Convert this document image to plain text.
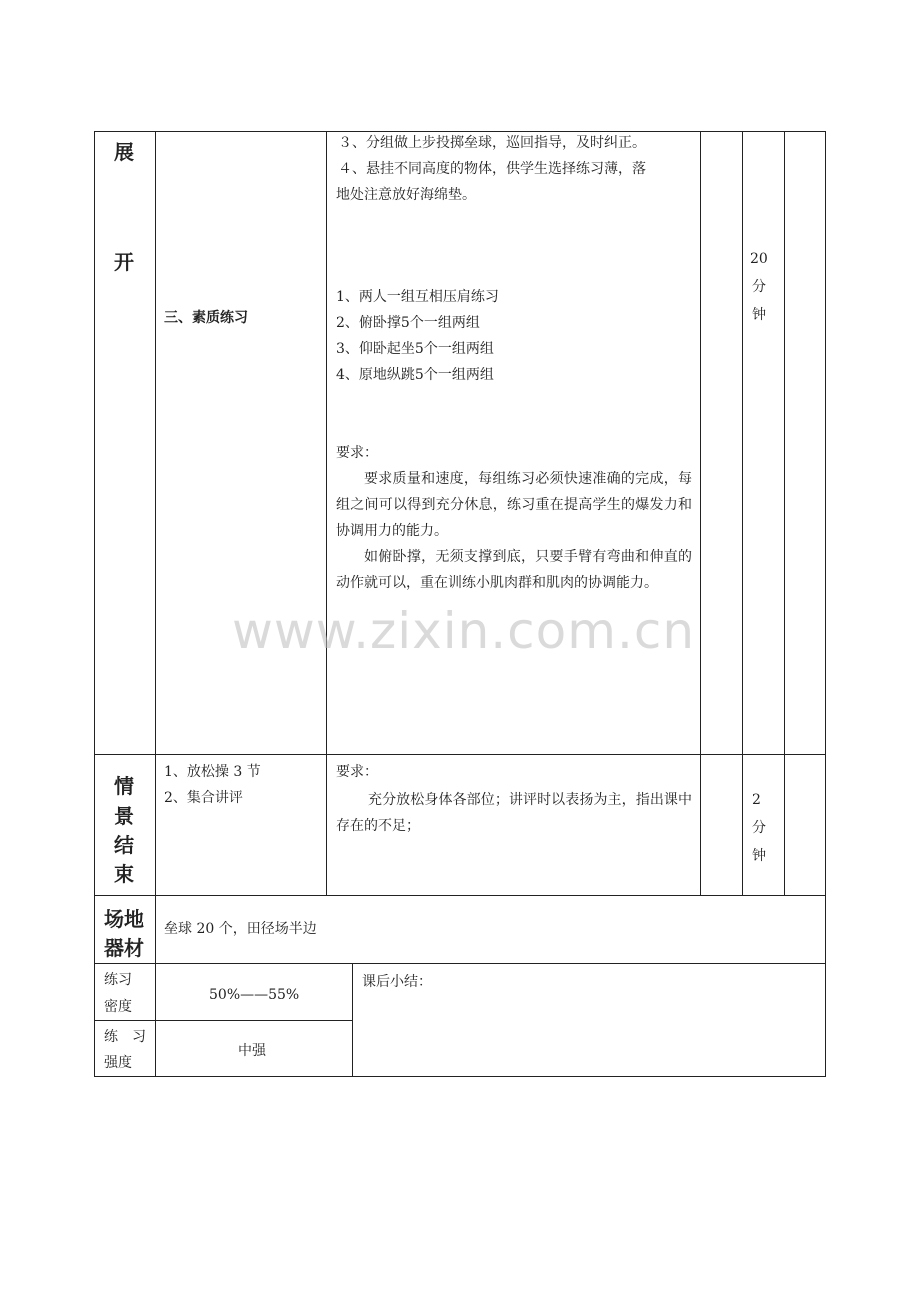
展
开
三、素质练习
３、分组做上步投掷垒球，巡回指导，及时纠正。
４、悬挂不同高度的物体，供学生选择练习薄，落
地处注意放好海绵垫。
1、两人一组互相压肩练习
2、俯卧撑5个一组两组
3、仰卧起坐5个一组两组
4、原地纵跳5个一组两组
要求：
要求质量和速度，每组练习必须快速准确的完成，每组之间可以得到充分休息，练习重在提高学生的爆发力和协调用力的能力。
如俯卧撑，无须支撑到底，只要手臂有弯曲和伸直的动作就可以，重在训练小肌肉群和肌肉的协调能力。
20
分
钟
情
景
结
束
1、放松操 3 节
2、集合讲评
要求：
充分放松身体各部位；讲评时以表扬为主，指出课中存在的不足；
2
分
钟
场地
器材
垒球 20 个，田径场半边
练习
密度
50%——55%
练　习
强度
中强
课后小结：
www.zixin.com.cn
